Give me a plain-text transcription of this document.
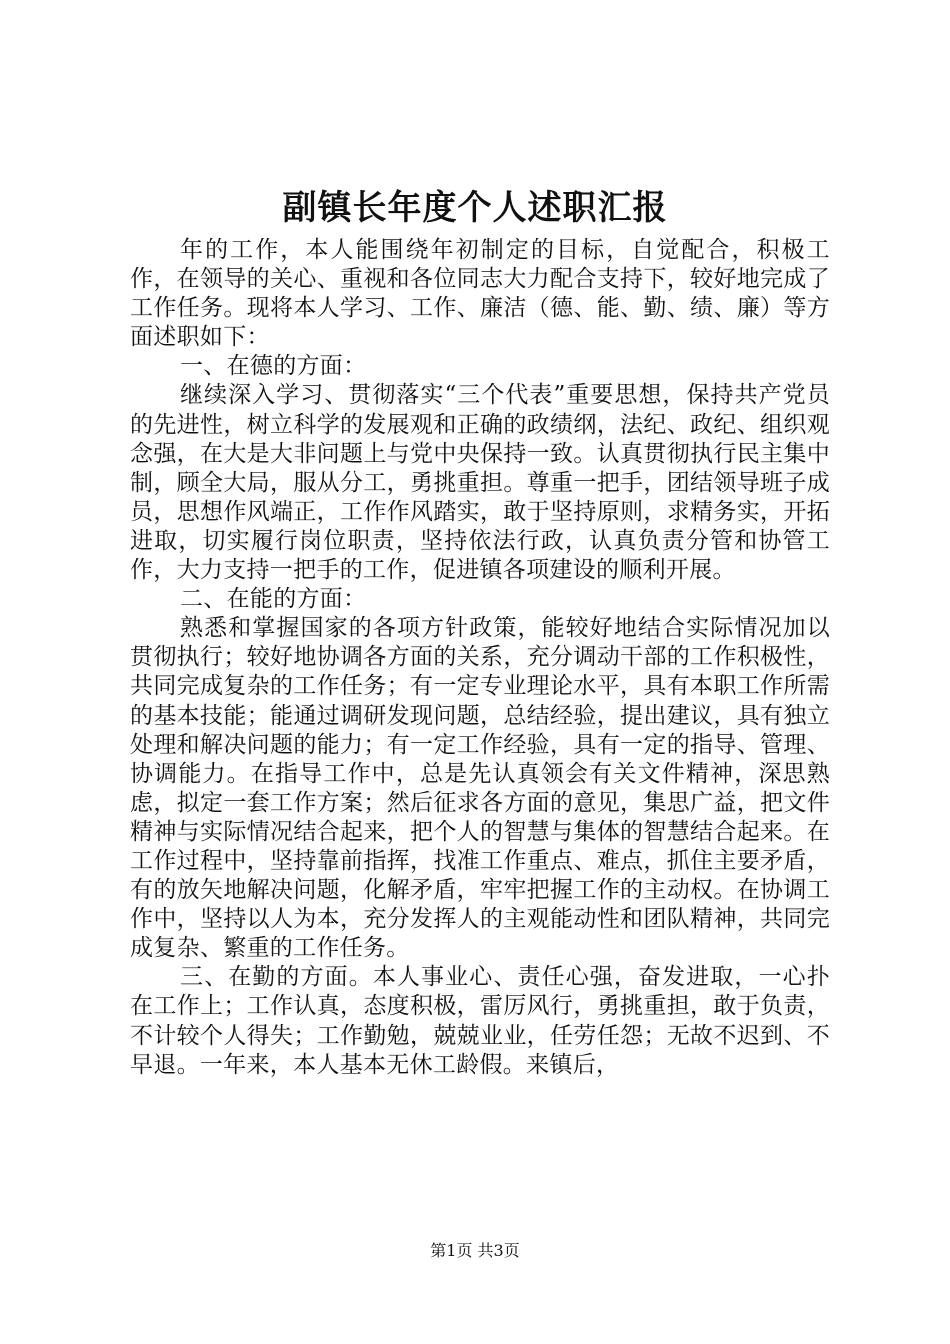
副镇长年度个人述职汇报

年的工作，本人能围绕年初制定的目标，自觉配合，积极工作，在领导的关心、重视和各位同志大力配合支持下，较好地完成了工作任务。现将本人学习、工作、廉洁（德、能、勤、绩、廉）等方面述职如下：

一、在德的方面：

继续深入学习、贯彻落实“三个代表”重要思想，保持共产党员的先进性，树立科学的发展观和正确的政绩纲，法纪、政纪、组织观念强，在大是大非问题上与党中央保持一致。认真贯彻执行民主集中制，顾全大局，服从分工，勇挑重担。尊重一把手，团结领导班子成员，思想作风端正，工作作风踏实，敢于坚持原则，求精务实，开拓进取，切实履行岗位职责，坚持依法行政，认真负责分管和协管工作，大力支持一把手的工作，促进镇各项建设的顺利开展。

二、在能的方面：

熟悉和掌握国家的各项方针政策，能较好地结合实际情况加以贯彻执行；较好地协调各方面的关系，充分调动干部的工作积极性，共同完成复杂的工作任务；有一定专业理论水平，具有本职工作所需的基本技能；能通过调研发现问题，总结经验，提出建议，具有独立处理和解决问题的能力；有一定工作经验，具有一定的指导、管理、协调能力。在指导工作中，总是先认真领会有关文件精神，深思熟虑，拟定一套工作方案；然后征求各方面的意见，集思广益，把文件精神与实际情况结合起来，把个人的智慧与集体的智慧结合起来。在工作过程中，坚持靠前指挥，找准工作重点、难点，抓住主要矛盾，有的放矢地解决问题，化解矛盾，牢牢把握工作的主动权。在协调工作中，坚持以人为本，充分发挥人的主观能动性和团队精神，共同完成复杂、繁重的工作任务。

三、在勤的方面。本人事业心、责任心强，奋发进取，一心扑在工作上；工作认真，态度积极，雷厉风行，勇挑重担，敢于负责，不计较个人得失；工作勤勉，兢兢业业，任劳任怨；无故不迟到、不早退。一年来，本人基本无休工龄假。来镇后，

第1页 共3页
